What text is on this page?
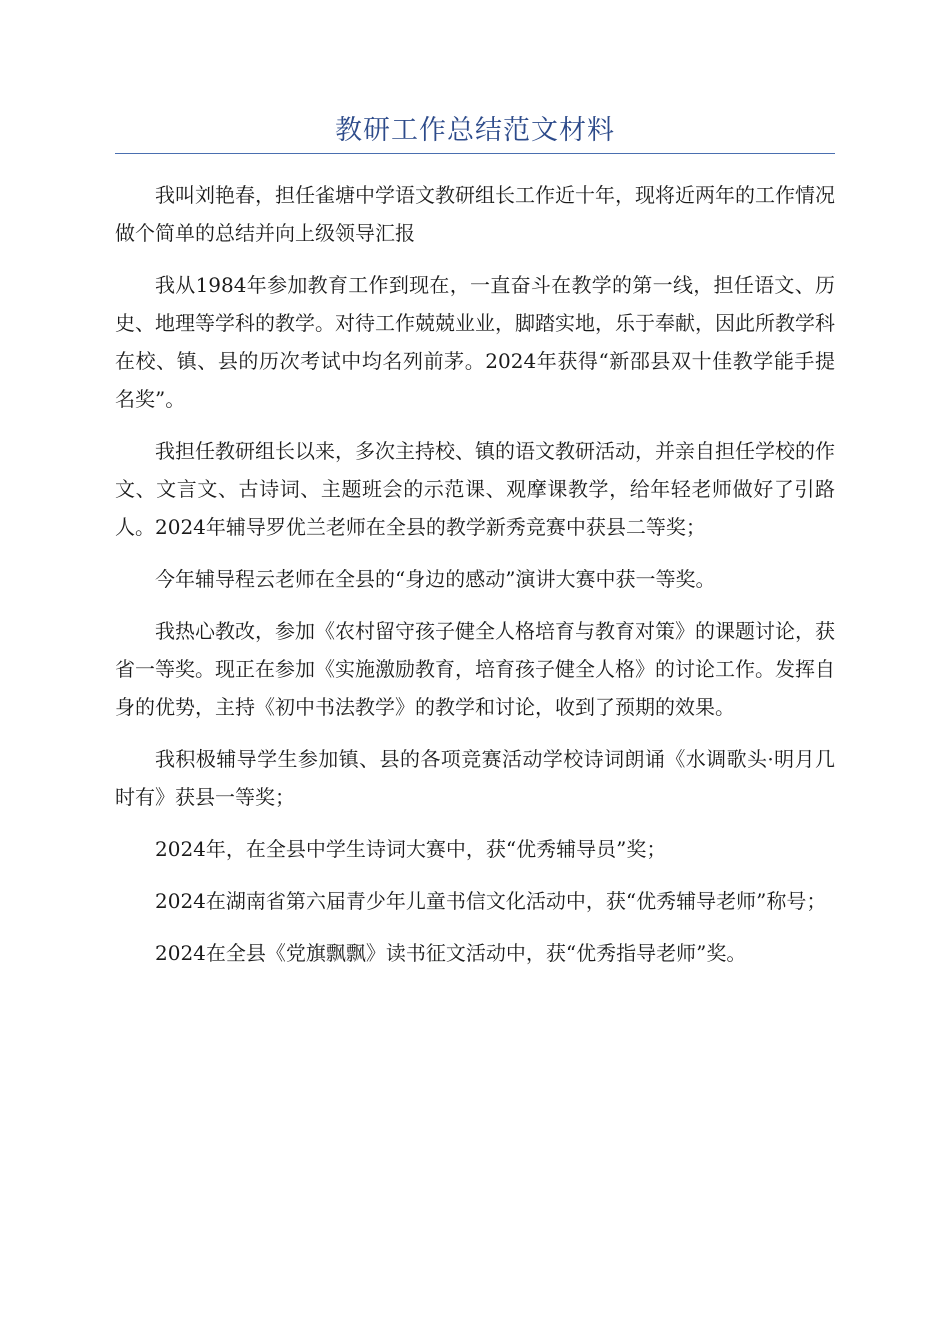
教研工作总结范文材料

我叫刘艳春，担任雀塘中学语文教研组长工作近十年，现将近两年的工作情况做个简单的总结并向上级领导汇报

我从1984年参加教育工作到现在，一直奋斗在教学的第一线，担任语文、历史、地理等学科的教学。对待工作兢兢业业，脚踏实地，乐于奉献，因此所教学科在校、镇、县的历次考试中均名列前茅。2024年获得“新邵县双十佳教学能手提名奖”。

我担任教研组长以来，多次主持校、镇的语文教研活动，并亲自担任学校的作文、文言文、古诗词、主题班会的示范课、观摩课教学，给年轻老师做好了引路人。2024年辅导罗优兰老师在全县的教学新秀竞赛中获县二等奖；

今年辅导程云老师在全县的“身边的感动”演讲大赛中获一等奖。

我热心教改，参加《农村留守孩子健全人格培育与教育对策》的课题讨论，获省一等奖。现正在参加《实施激励教育，培育孩子健全人格》的讨论工作。发挥自身的优势，主持《初中书法教学》的教学和讨论，收到了预期的效果。

我积极辅导学生参加镇、县的各项竞赛活动学校诗词朗诵《水调歌头·明月几时有》获县一等奖；

2024年，在全县中学生诗词大赛中，获“优秀辅导员”奖；

2024在湖南省第六届青少年儿童书信文化活动中，获“优秀辅导老师”称号；

2024在全县《党旗飘飘》读书征文活动中，获“优秀指导老师”奖。
